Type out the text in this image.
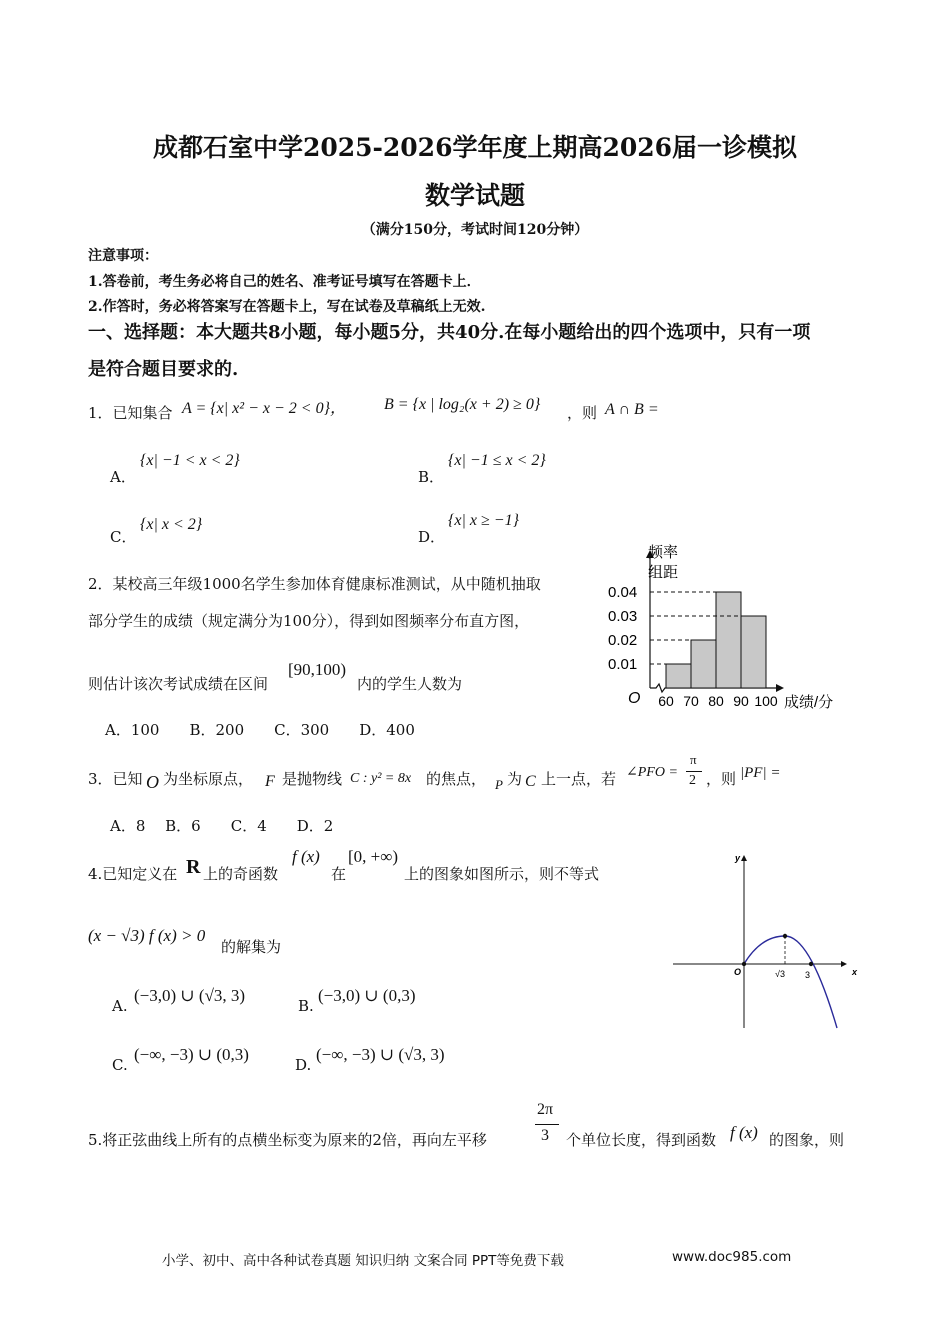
成都石室中学2025-2026学年度上期高2026届一诊模拟
数学试题
（满分150分，考试时间120分钟）
注意事项：
1.答卷前，考生务必将自己的姓名、准考证号填写在答题卡上．
2.作答时，务必将答案写在答题卡上，写在试卷及草稿纸上无效.
一、选择题：本大题共8小题，每小题5分，共40分.在每小题给出的四个选项中，只有一项
是符合题目要求的.
1．已知集合 A = {x| x² − x − 2 < 0}， B = {x | log₂(x + 2) ≥ 0} ，则 A ∩ B =
A．
{x| −1 < x < 2}
B．
{x| −1 ≤ x < 2}
C．
{x| x < 2}
D．
{x| x ≥ −1}
2．某校高三年级1000名学生参加体育健康标准测试，从中随机抽取
部分学生的成绩（规定满分为100分），得到如图频率分布直方图，
则估计该次考试成绩在区间
[90,100)
内的学生人数为
A．100　　B．200　　C．300　　D．400
0.01
0.02
0.03
0.04
60 70 80 90 100
O
频率
组距
成绩/分
3．已知 O 为坐标原点， F 是抛物线 C : y² = 8x 的焦点， P 为 C 上一点，若 ∠PFO =
π
2 ，则 |PF| =
A．8　 B．6　　C．4　　D．2
4.已知定义在 R 上的奇函数
f (x)
在
[0, +∞)
上的图象如图所示，则不等式
(x − √3) f (x) > 0
的解集为
A.
(−3,0) ∪ (√3, 3)
B.
(−3,0) ∪ (0,3)
C.
(−∞, −3) ∪ (0,3)
D.
(−∞, −3) ∪ (√3, 3)
y
x
O	√3 3
5.将正弦曲线上所有的点横坐标变为原来的2倍，再向左平移
2π
3 个单位长度，得到函数 f (x) 的图象，则
小学、初中、高中各种试卷真题 知识归纳 文案合同 PPT等免费下载	www.doc985.com
